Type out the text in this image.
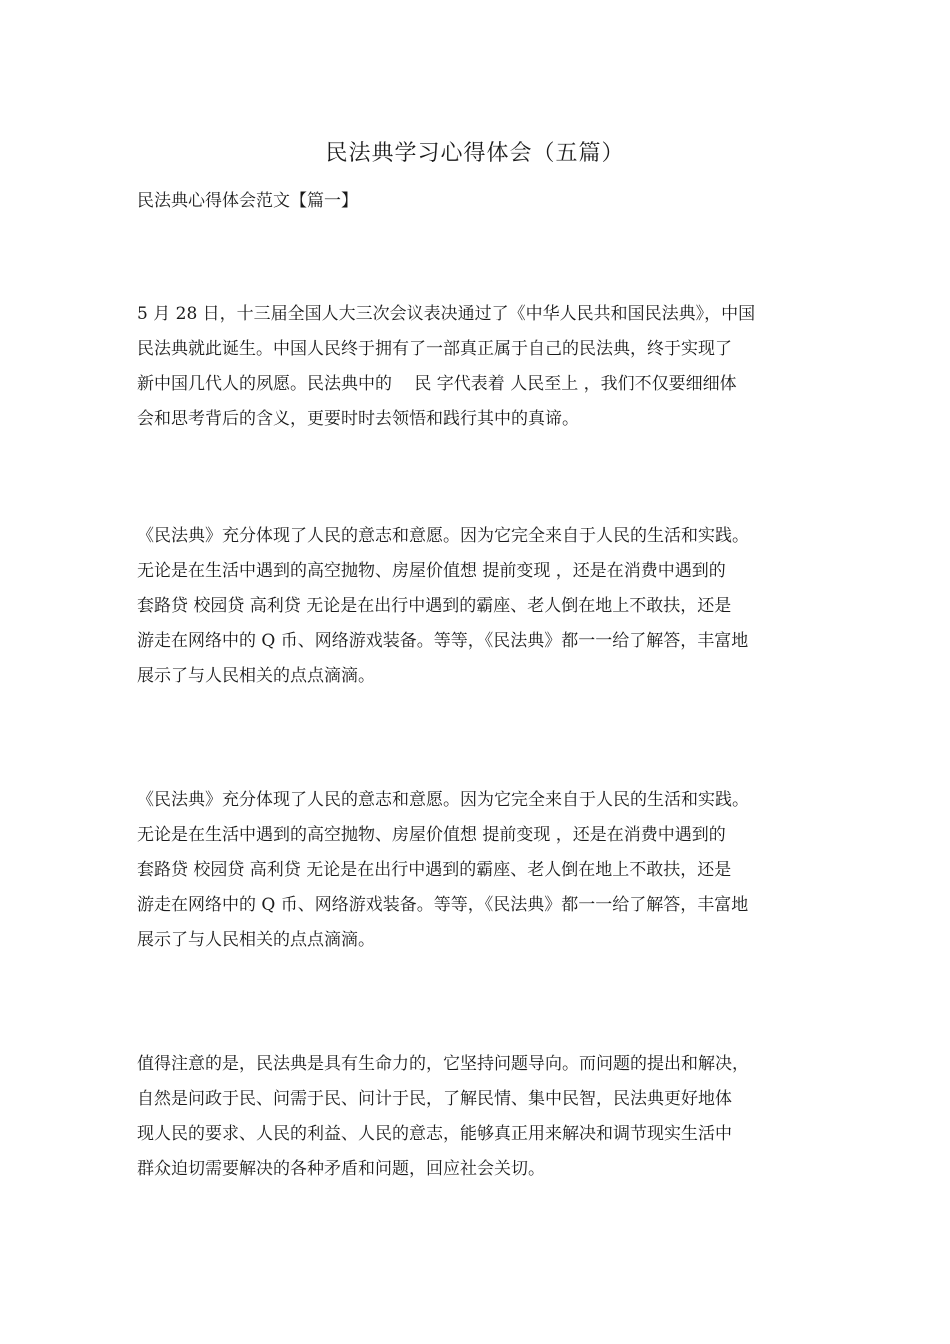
民法典学习心得体会（五篇）
民法典心得体会范文【篇一】
5 月 28 日，十三届全国人大三次会议表决通过了《中华人民共和国民法典》，中国
民法典就此诞生。中国人民终于拥有了一部真正属于自己的民法典，终于实现了
新中国几代人的夙愿。民法典中的　 民 字代表着 人民至上 ，我们不仅要细细体
会和思考背后的含义，更要时时去领悟和践行其中的真谛。
《民法典》充分体现了人民的意志和意愿。因为它完全来自于人民的生活和实践。
无论是在生活中遇到的高空抛物、房屋价值想 提前变现 ，还是在消费中遇到的
套路贷 校园贷 高利贷 无论是在出行中遇到的霸座、老人倒在地上不敢扶，还是
游走在网络中的 Q 币、网络游戏装备。等等，《民法典》都一一给了解答，丰富地
展示了与人民相关的点点滴滴。
《民法典》充分体现了人民的意志和意愿。因为它完全来自于人民的生活和实践。
无论是在生活中遇到的高空抛物、房屋价值想 提前变现 ，还是在消费中遇到的
套路贷 校园贷 高利贷 无论是在出行中遇到的霸座、老人倒在地上不敢扶，还是
游走在网络中的 Q 币、网络游戏装备。等等，《民法典》都一一给了解答，丰富地
展示了与人民相关的点点滴滴。
值得注意的是，民法典是具有生命力的，它坚持问题导向。而问题的提出和解决，
自然是问政于民、问需于民、问计于民，了解民情、集中民智，民法典更好地体
现人民的要求、人民的利益、人民的意志，能够真正用来解决和调节现实生活中
群众迫切需要解决的各种矛盾和问题，回应社会关切。
